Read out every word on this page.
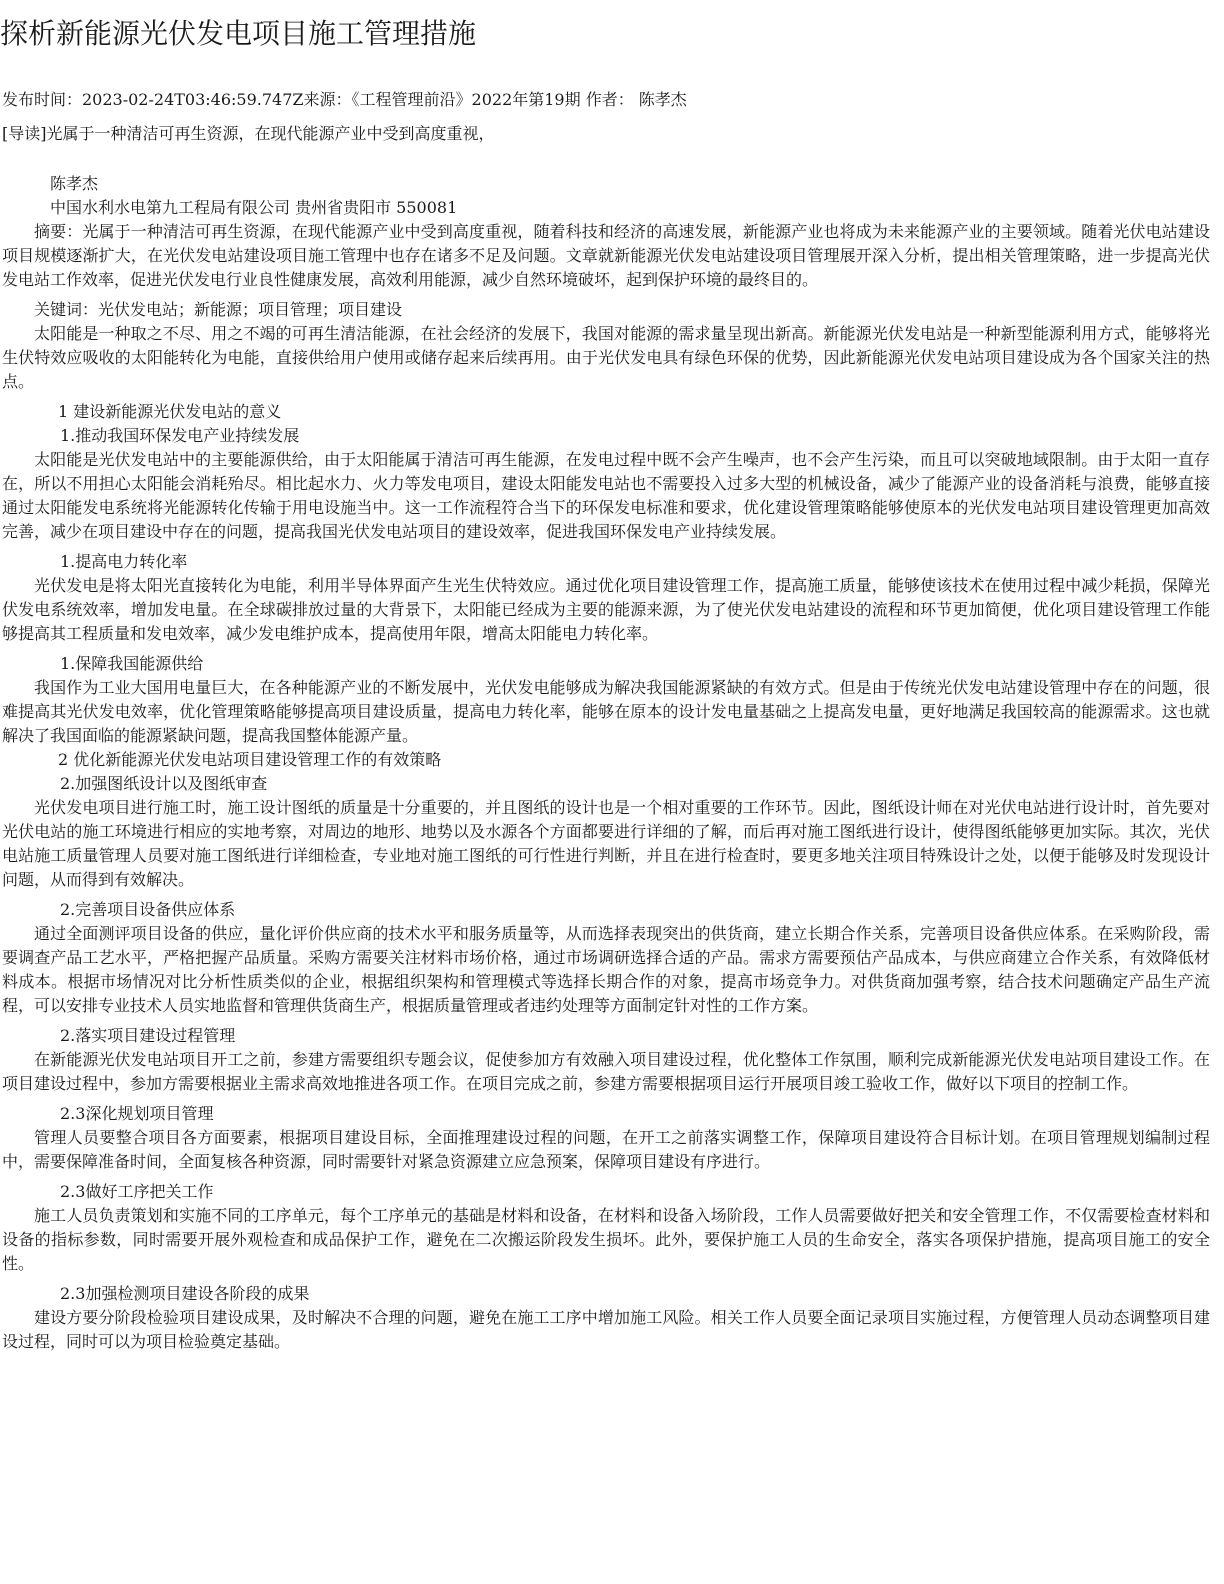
探析新能源光伏发电项目施工管理措施
发布时间：2023-02-24T03:46:59.747Z来源：《工程管理前沿》2022年第19期 作者： 陈孝杰
[导读]光属于一种清洁可再生资源，在现代能源产业中受到高度重视，

陈孝杰

中国水利水电第九工程局有限公司 贵州省贵阳市 550081

摘要：光属于一种清洁可再生资源，在现代能源产业中受到高度重视，随着科技和经济的高速发展，新能源产业也将成为未来能源产业的主要领域。随着光伏电站建设项目规模逐渐扩大，在光伏发电站建设项目施工管理中也存在诸多不足及问题。文章就新能源光伏发电站建设项目管理展开深入分析，提出相关管理策略，进一步提高光伏发电站工作效率，促进光伏发电行业良性健康发展，高效利用能源，减少自然环境破坏，起到保护环境的最终目的。

关键词：光伏发电站；新能源；项目管理；项目建设

太阳能是一种取之不尽、用之不竭的可再生清洁能源，在社会经济的发展下，我国对能源的需求量呈现出新高。新能源光伏发电站是一种新型能源利用方式，能够将光生伏特效应吸收的太阳能转化为电能，直接供给用户使用或储存起来后续再用。由于光伏发电具有绿色环保的优势，因此新能源光伏发电站项目建设成为各个国家关注的热点。

1 建设新能源光伏发电站的意义

1.推动我国环保发电产业持续发展

太阳能是光伏发电站中的主要能源供给，由于太阳能属于清洁可再生能源，在发电过程中既不会产生噪声，也不会产生污染，而且可以突破地域限制。由于太阳一直存在，所以不用担心太阳能会消耗殆尽。相比起水力、火力等发电项目，建设太阳能发电站也不需要投入过多大型的机械设备，减少了能源产业的设备消耗与浪费，能够直接通过太阳能发电系统将光能源转化传输于用电设施当中。这一工作流程符合当下的环保发电标准和要求，优化建设管理策略能够使原本的光伏发电站项目建设管理更加高效完善，减少在项目建设中存在的问题，提高我国光伏发电站项目的建设效率，促进我国环保发电产业持续发展。

1.提高电力转化率

光伏发电是将太阳光直接转化为电能，利用半导体界面产生光生伏特效应。通过优化项目建设管理工作，提高施工质量，能够使该技术在使用过程中减少耗损，保障光伏发电系统效率，增加发电量。在全球碳排放过量的大背景下，太阳能已经成为主要的能源来源，为了使光伏发电站建设的流程和环节更加简便，优化项目建设管理工作能够提高其工程质量和发电效率，减少发电维护成本，提高使用年限，增高太阳能电力转化率。

1.保障我国能源供给

我国作为工业大国用电量巨大，在各种能源产业的不断发展中，光伏发电能够成为解决我国能源紧缺的有效方式。但是由于传统光伏发电站建设管理中存在的问题，很难提高其光伏发电效率，优化管理策略能够提高项目建设质量，提高电力转化率，能够在原本的设计发电量基础之上提高发电量，更好地满足我国较高的能源需求。这也就解决了我国面临的能源紧缺问题，提高我国整体能源产量。

2 优化新能源光伏发电站项目建设管理工作的有效策略

2.加强图纸设计以及图纸审查

光伏发电项目进行施工时，施工设计图纸的质量是十分重要的，并且图纸的设计也是一个相对重要的工作环节。因此，图纸设计师在对光伏电站进行设计时，首先要对光伏电站的施工环境进行相应的实地考察，对周边的地形、地势以及水源各个方面都要进行详细的了解，而后再对施工图纸进行设计，使得图纸能够更加实际。其次，光伏电站施工质量管理人员要对施工图纸进行详细检查，专业地对施工图纸的可行性进行判断，并且在进行检查时，要更多地关注项目特殊设计之处，以便于能够及时发现设计问题，从而得到有效解决。

2.完善项目设备供应体系

通过全面测评项目设备的供应，量化评价供应商的技术水平和服务质量等，从而选择表现突出的供货商，建立长期合作关系，完善项目设备供应体系。在采购阶段，需要调查产品工艺水平，严格把握产品质量。采购方需要关注材料市场价格，通过市场调研选择合适的产品。需求方需要预估产品成本，与供应商建立合作关系，有效降低材料成本。根据市场情况对比分析性质类似的企业，根据组织架构和管理模式等选择长期合作的对象，提高市场竞争力。对供货商加强考察，结合技术问题确定产品生产流程，可以安排专业技术人员实地监督和管理供货商生产，根据质量管理或者违约处理等方面制定针对性的工作方案。

2.落实项目建设过程管理

在新能源光伏发电站项目开工之前，参建方需要组织专题会议，促使参加方有效融入项目建设过程，优化整体工作氛围，顺利完成新能源光伏发电站项目建设工作。在项目建设过程中，参加方需要根据业主需求高效地推进各项工作。在项目完成之前，参建方需要根据项目运行开展项目竣工验收工作，做好以下项目的控制工作。

2.3深化规划项目管理

管理人员要整合项目各方面要素，根据项目建设目标，全面推理建设过程的问题，在开工之前落实调整工作，保障项目建设符合目标计划。在项目管理规划编制过程中，需要保障准备时间，全面复核各种资源，同时需要针对紧急资源建立应急预案，保障项目建设有序进行。

2.3做好工序把关工作

施工人员负责策划和实施不同的工序单元，每个工序单元的基础是材料和设备，在材料和设备入场阶段，工作人员需要做好把关和安全管理工作，不仅需要检查材料和设备的指标参数，同时需要开展外观检查和成品保护工作，避免在二次搬运阶段发生损坏。此外，要保护施工人员的生命安全，落实各项保护措施，提高项目施工的安全性。

2.3加强检测项目建设各阶段的成果

建设方要分阶段检验项目建设成果，及时解决不合理的问题，避免在施工工序中增加施工风险。相关工作人员要全面记录项目实施过程，方便管理人员动态调整项目建设过程，同时可以为项目检验奠定基础。
